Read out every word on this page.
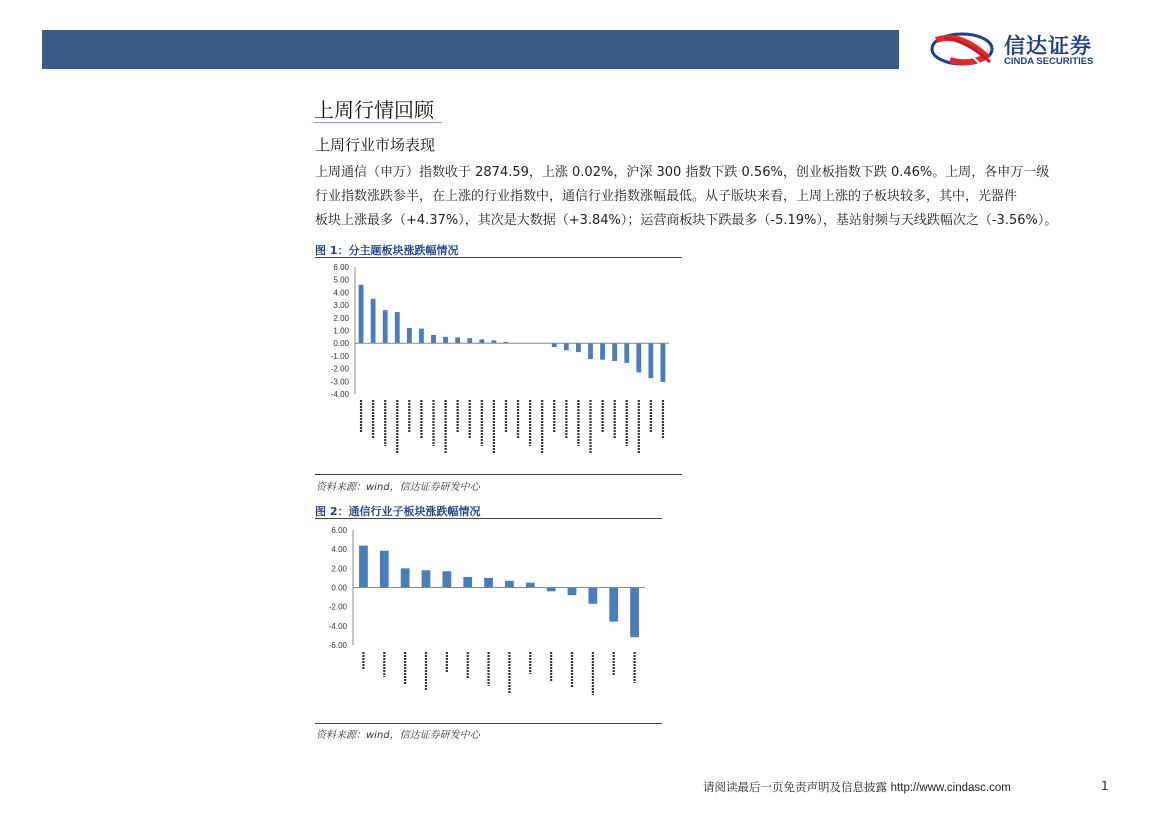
信达证券
CINDA SECURITIES
上周行情回顾
上周行业市场表现
上周通信（申万）指数收于 2874.59，上涨 0.02%，沪深 300 指数下跌 0.56%，创业板指数下跌 0.46%。上周，各申万一级
行业指数涨跌参半，在上涨的行业指数中，通信行业指数涨幅最低。从子版块来看，上周上涨的子板块较多，其中，光器件
板块上涨最多（+4.37%），其次是大数据（+3.84%）；运营商板块下跌最多（-5.19%），基站射频与天线跌幅次之（-3.56%）。
图 1：分主题板块涨跌幅情况
6.00
5.00
4.00
3.00
2.00
1.00
0.00
-1.00
-2.00
-3.00
-4.00
资料来源：wind，信达证券研发中心
图 2：通信行业子板块涨跌幅情况
6.00
4.00
2.00
0.00
-2.00
-4.00
-6.00
资料来源：wind，信达证券研发中心
请阅读最后一页免责声明及信息披露 http://www.cindasc.com	1
